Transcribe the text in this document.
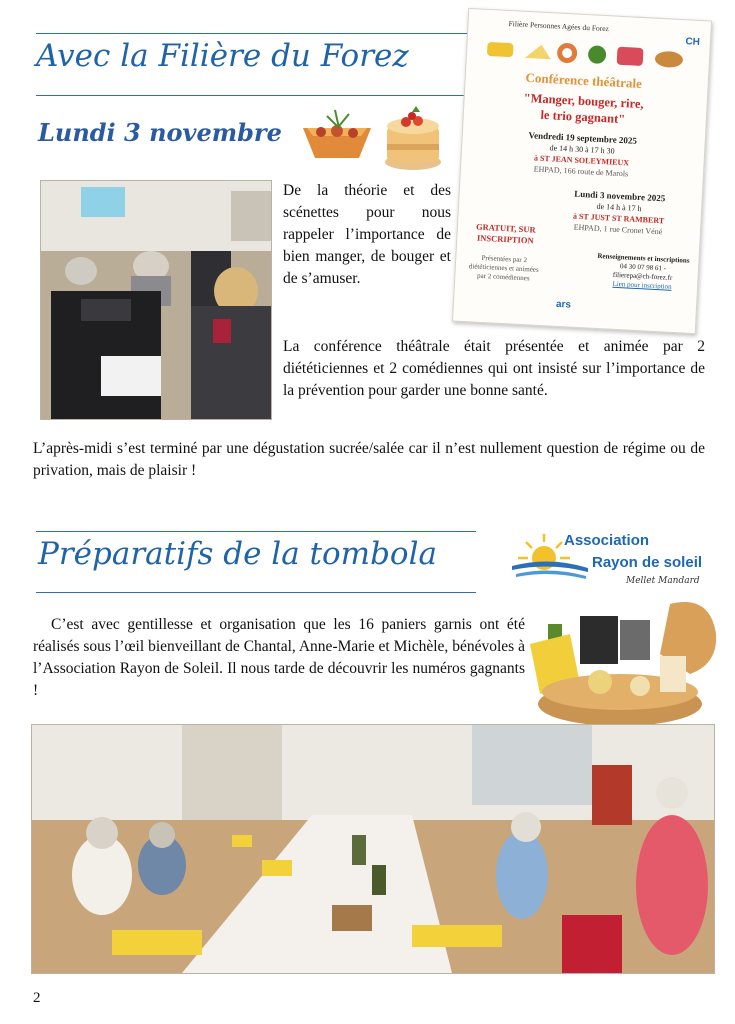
Avec la Filière du Forez
Lundi 3 novembre
De la théorie et des scénettes pour nous rappeler l’importance de bien manger, de bouger et de s’amuser.
La conférence théâtrale était présentée et animée par 2 diététiciennes et 2 comédiennes qui ont insisté sur l’importance de la prévention pour garder une bonne santé.
L’après-midi s’est terminé par une dégustation sucrée/salée car il n’est nullement question de régime ou de privation, mais de plaisir !
Filière Personnes Agées du Forez
CH
Conférence théâtrale
"Manger, bouger, rire,
le trio gagnant"
Vendredi 19 septembre 2025
de 14 h 30 à 17 h 30
à ST JEAN SOLEYMIEUX
EHPAD, 166 route de Marols
Lundi 3 novembre 2025
de 14 h à 17 h
à ST JUST ST RAMBERT
EHPAD, 1 rue Cronet Véné
GRATUIT, SUR INSCRIPTION
Présentées par 2 diététiciennes et animées par 2 comédiennes
Renseignements et inscriptions
04 30 07 98 61 -
filierepa@ch-forez.fr
Lien pour inscription
ars
Préparatifs de la tombola	Association
Rayon de soleil
Mellet Mandard
C’est avec gentillesse et organisation que les 16 paniers garnis ont été réalisés sous l’œil bienveillant de Chantal, Anne-Marie et Michèle, bénévoles à l’Association Rayon de Soleil. Il nous tarde de découvrir les numéros gagnants !
2
